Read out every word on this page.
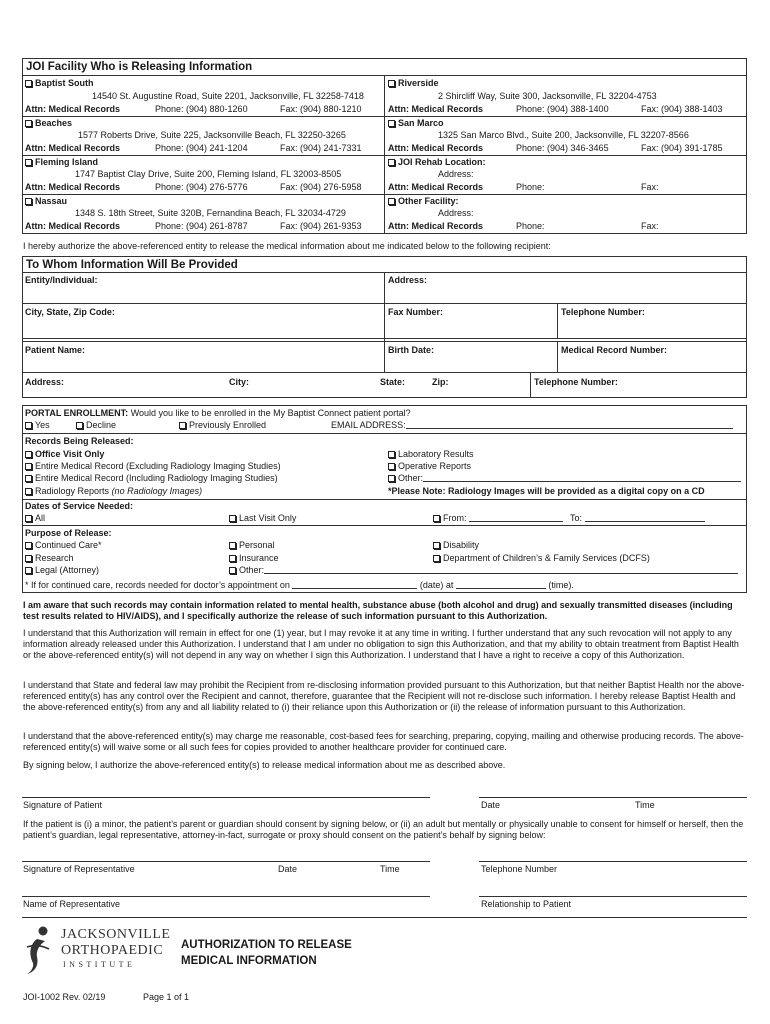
JOI Facility Who is Releasing Information
Baptist South
14540 St. Augustine Road, Suite 2201, Jacksonville, FL 32258-7418
Attn: Medical Records	Phone: (904) 880-1260	Fax: (904) 880-1210
Beaches
1577 Roberts Drive, Suite 225, Jacksonville Beach, FL 32250-3265
Attn: Medical Records	Phone: (904) 241-1204	Fax: (904) 241-7331
Fleming Island
1747 Baptist Clay Drive, Suite 200, Fleming Island, FL 32003-8505
Attn: Medical Records	Phone: (904) 276-5776	Fax: (904) 276-5958
Nassau
1348 S. 18th Street, Suite 320B, Fernandina Beach, FL 32034-4729
Attn: Medical Records	Phone: (904) 261-8787	Fax: (904) 261-9353
Riverside
2 Shircliff Way, Suite 300, Jacksonville, FL 32204-4753
Attn: Medical Records	Phone: (904) 388-1400	Fax: (904) 388-1403
San Marco
1325 San Marco Blvd., Suite 200, Jacksonville, FL 32207-8566
Attn: Medical Records	Phone: (904) 346-3465	Fax: (904) 391-1785
JOI Rehab Location:
Address:
Attn: Medical Records	Phone:	Fax:
Other Facility:
Address:
Attn: Medical Records	Phone:	Fax:
I hereby authorize the above-referenced entity to release the medical information about me indicated below to the following recipient:
To Whom Information Will Be Provided
Entity/Individual:	Address:
City, State, Zip Code:	Fax Number:	Telephone Number:
Patient Name:	Birth Date:	Medical Record Number:
Address:	City:	State:	Zip:	Telephone Number:
PORTAL ENROLLMENT: Would you like to be enrolled in the My Baptist Connect patient portal?
Yes	Decline	Previously Enrolled	EMAIL ADDRESS:
Records Being Released:
Office Visit Only
Entire Medical Record (Excluding Radiology Imaging Studies)
Entire Medical Record (Including Radiology Imaging Studies)
Radiology Reports (no Radiology Images)
Laboratory Results
Operative Reports
Other:
*Please Note: Radiology Images will be provided as a digital copy on a CD
Dates of Service Needed:
All	Last Visit Only	From:	To:
Purpose of Release:
Continued Care*
Research
Legal (Attorney)
Personal
Insurance
Other:
Disability
Department of Children’s & Family Services (DCFS)
* If for continued care, records needed for doctor’s appointment on	(date) at	(time).
I am aware that such records may contain information related to mental health, substance abuse (both alcohol and drug) and sexually transmitted diseases (including test results related to HIV/AIDS), and I specifically authorize the release of such information pursuant to this Authorization.
I understand that this Authorization will remain in effect for one (1) year, but I may revoke it at any time in writing. I further understand that any such revocation will not apply to any information already released under this Authorization. I understand that I am under no obligation to sign this Authorization, and that my ability to obtain treatment from Baptist Health or the above-referenced entity(s) will not depend in any way on whether I sign this Authorization. I understand that I have a right to receive a copy of this Authorization.
I understand that State and federal law may prohibit the Recipient from re-disclosing information provided pursuant to this Authorization, but that neither Baptist Health nor the above-referenced entity(s) has any control over the Recipient and cannot, therefore, guarantee that the Recipient will not re-disclose such information. I hereby release Baptist Health and the above-referenced entity(s) from any and all liability related to (i) their reliance upon this Authorization or (ii) the release of information pursuant to this Authorization.
I understand that the above-referenced entity(s) may charge me reasonable, cost-based fees for searching, preparing, copying, mailing and otherwise producing records. The above-referenced entity(s) will waive some or all such fees for copies provided to another healthcare provider for continued care.
By signing below, I authorize the above-referenced entity(s) to release medical information about me as described above.
Signature of Patient	Date	Time
If the patient is (i) a minor, the patient’s parent or guardian should consent by signing below, or (ii) an adult but mentally or physically unable to consent for himself or herself, then the patient’s guardian, legal representative, attorney-in-fact, surrogate or proxy should consent on the patient’s behalf by signing below:
Signature of Representative	Date	Time	Telephone Number
Name of Representative	Relationship to Patient
JACKSONVILLE
ORTHOPAEDIC
INSTITUTE
AUTHORIZATION TO RELEASE
MEDICAL INFORMATION
JOI-1002 Rev. 02/19	Page 1 of 1
